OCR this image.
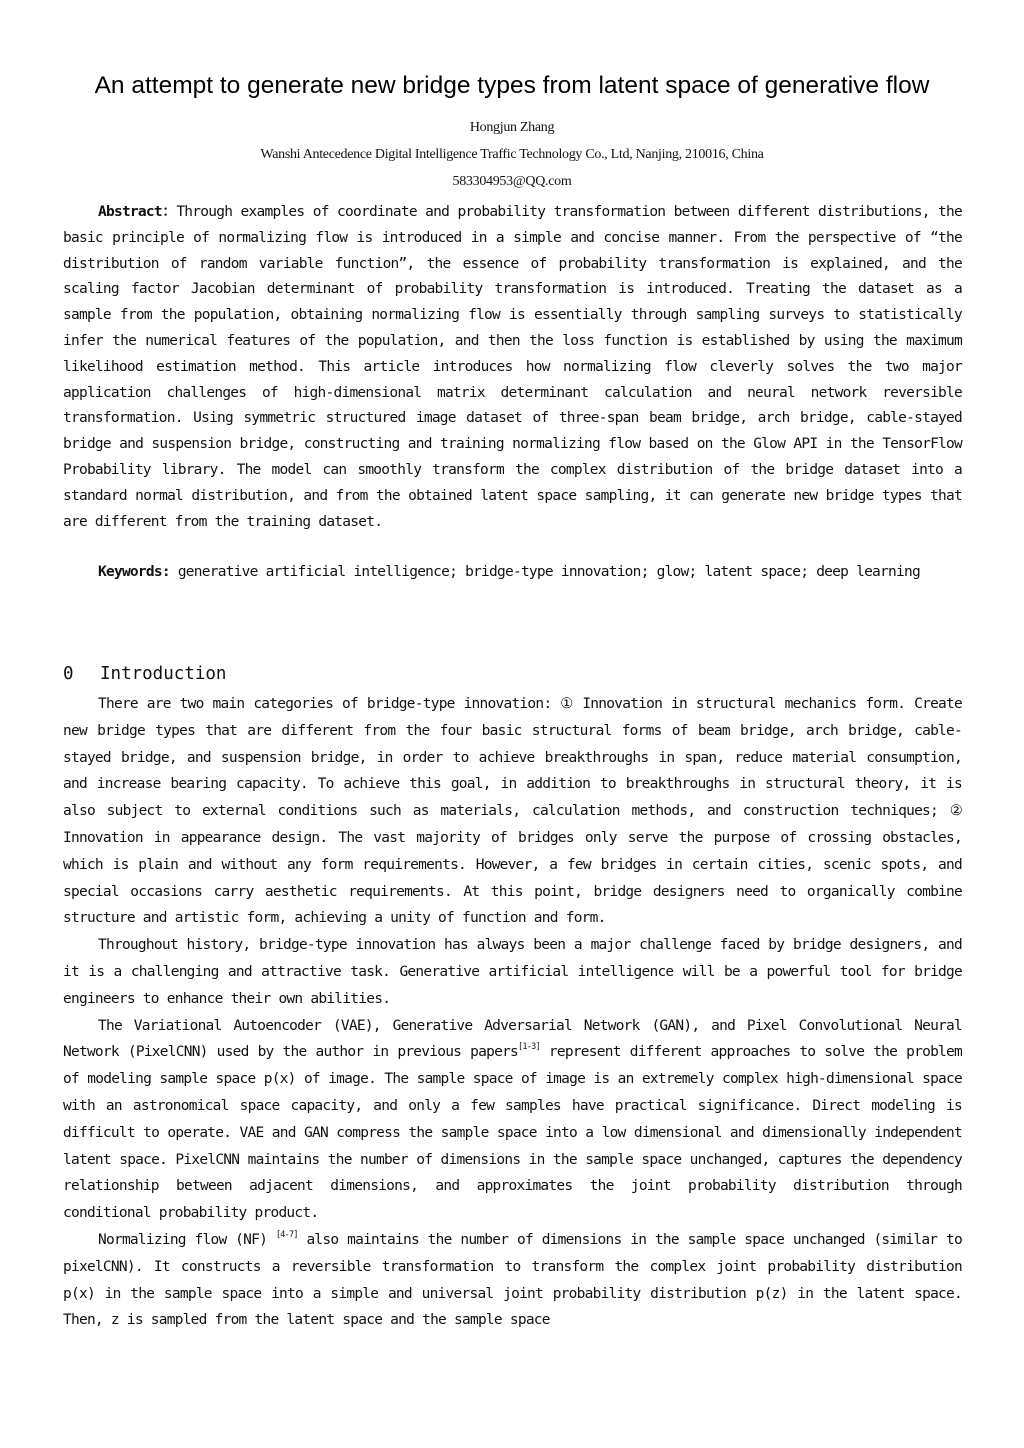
An attempt to generate new bridge types from latent space of generative flow
Hongjun Zhang
Wanshi Antecedence Digital Intelligence Traffic Technology Co., Ltd, Nanjing, 210016, China
583304953@QQ.com

Abstract：Through examples of coordinate and probability transformation between different distributions, the basic principle of normalizing flow is introduced in a simple and concise manner. From the perspective of “the distribution of random variable function”, the essence of probability transformation is explained, and the scaling factor Jacobian determinant of probability transformation is introduced. Treating the dataset as a sample from the population, obtaining normalizing flow is essentially through sampling surveys to statistically infer the numerical features of the population, and then the loss function is established by using the maximum likelihood estimation method. This article introduces how normalizing flow cleverly solves the two major application challenges of high-dimensional matrix determinant calculation and neural network reversible transformation. Using symmetric structured image dataset of three-span beam bridge, arch bridge, cable-stayed bridge and suspension bridge, constructing and training normalizing flow based on the Glow API in the TensorFlow Probability library. The model can smoothly transform the complex distribution of the bridge dataset into a standard normal distribution, and from the obtained latent space sampling, it can generate new bridge types that are different from the training dataset.

Keywords: generative artificial intelligence; bridge-type innovation; glow; latent space; deep learning

0 Introduction

There are two main categories of bridge-type innovation: ① Innovation in structural mechanics form. Create new bridge types that are different from the four basic structural forms of beam bridge, arch bridge, cable-stayed bridge, and suspension bridge, in order to achieve breakthroughs in span, reduce material consumption, and increase bearing capacity. To achieve this goal, in addition to breakthroughs in structural theory, it is also subject to external conditions such as materials, calculation methods, and construction techniques; ② Innovation in appearance design. The vast majority of bridges only serve the purpose of crossing obstacles, which is plain and without any form requirements. However, a few bridges in certain cities, scenic spots, and special occasions carry aesthetic requirements. At this point, bridge designers need to organically combine structure and artistic form, achieving a unity of function and form.

Throughout history, bridge-type innovation has always been a major challenge faced by bridge designers, and it is a challenging and attractive task. Generative artificial intelligence will be a powerful tool for bridge engineers to enhance their own abilities.

The Variational Autoencoder (VAE), Generative Adversarial Network (GAN), and Pixel Convolutional Neural Network (PixelCNN) used by the author in previous papers[1-3] represent different approaches to solve the problem of modeling sample space p(x) of image. The sample space of image is an extremely complex high-dimensional space with an astronomical space capacity, and only a few samples have practical significance. Direct modeling is difficult to operate. VAE and GAN compress the sample space into a low dimensional and dimensionally independent latent space. PixelCNN maintains the number of dimensions in the sample space unchanged, captures the dependency relationship between adjacent dimensions, and approximates the joint probability distribution through conditional probability product.

Normalizing flow (NF) [4-7] also maintains the number of dimensions in the sample space unchanged (similar to pixelCNN). It constructs a reversible transformation to transform the complex joint probability distribution p(x) in the sample space into a simple and universal joint probability distribution p(z) in the latent space. Then, z is sampled from the latent space and the sample space
